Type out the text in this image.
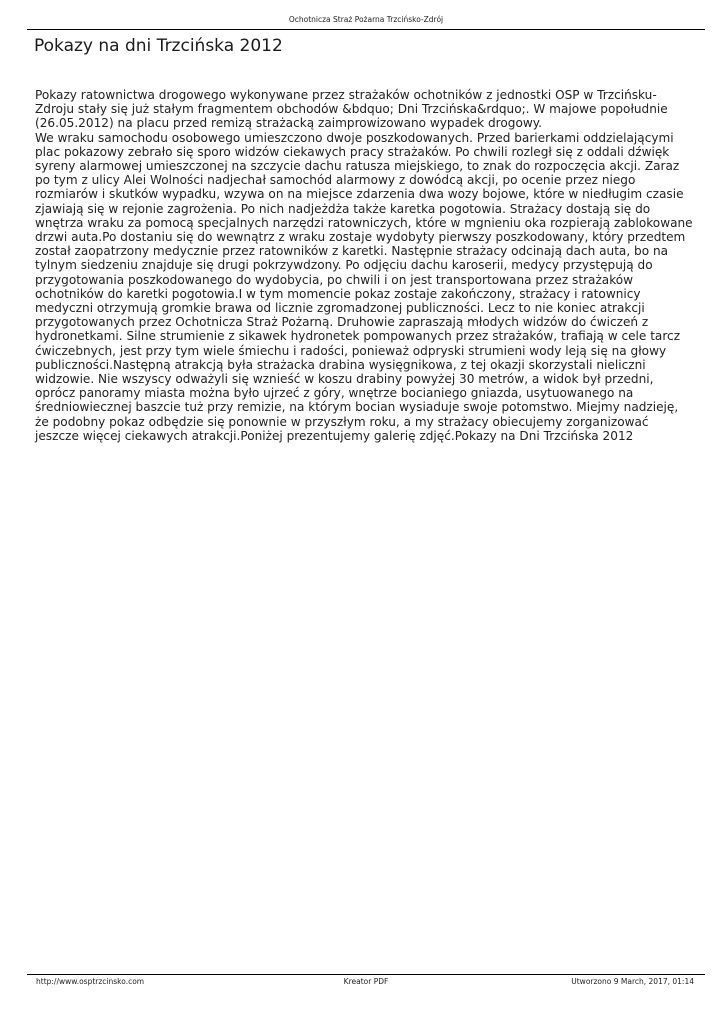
Ochotnicza Straż Pożarna Trzcińsko-Zdrój
Pokazy na dni Trzcińska 2012
Pokazy ratownictwa drogowego wykonywane przez strażaków ochotników z jednostki OSP w Trzcińsku-Zdroju stały się już stałym fragmentem obchodów &bdquo; Dni Trzcińska&rdquo;. W majowe popołudnie (26.05.2012) na placu przed remizą strażacką zaimprowizowano wypadek drogowy.
We wraku samochodu osobowego umieszczono dwoje poszkodowanych. Przed barierkami oddzielającymi plac pokazowy zebrało się sporo widzów ciekawych pracy strażaków. Po chwili rozległ się z oddali dźwięk syreny alarmowej umieszczonej na szczycie dachu ratusza miejskiego, to znak do rozpoczęcia akcji. Zaraz po tym z ulicy Alei Wolności nadjechał samochód alarmowy z dowódcą akcji, po ocenie przez niego rozmiarów i skutków wypadku, wzywa on na miejsce zdarzenia dwa wozy bojowe, które w niedługim czasie zjawiają się w rejonie zagrożenia. Po nich nadjeżdża także karetka pogotowia. Strażacy dostają się do wnętrza wraku za pomocą specjalnych narzędzi ratowniczych, które w mgnieniu oka rozpierają zablokowane drzwi auta.Po dostaniu się do wewnątrz z wraku zostaje wydobyty pierwszy poszkodowany, który przedtem został zaopatrzony medycznie przez ratowników z karetki. Następnie strażacy odcinają dach auta, bo na tylnym siedzeniu znajduje się drugi pokrzywdzony. Po odjęciu dachu karoserii, medycy przystępują do przygotowania poszkodowanego do wydobycia, po chwili i on jest transportowana przez strażaków ochotników do karetki pogotowia.I w tym momencie pokaz zostaje zakończony, strażacy i ratownicy medyczni otrzymują gromkie brawa od licznie zgromadzonej publiczności. Lecz to nie koniec atrakcji przygotowanych przez Ochotnicza Straż Pożarną. Druhowie zapraszają młodych widzów do ćwiczeń z hydronetkami. Silne strumienie z sikawek hydronetek pompowanych przez strażaków, trafiają w cele tarcz ćwiczebnych, jest przy tym wiele śmiechu i radości, ponieważ odpryski strumieni wody leją się na głowy publiczności.Następną atrakcją była strażacka drabina wysięgnikowa, z tej okazji skorzystali nieliczni widzowie. Nie wszyscy odważyli się wznieść w koszu drabiny powyżej 30 metrów, a widok był przedni, oprócz panoramy miasta można było ujrzeć z góry, wnętrze bocianiego gniazda, usytuowanego na średniowiecznej baszcie tuż przy remizie, na którym bocian wysiaduje swoje potomstwo. Miejmy nadzieję, że podobny pokaz odbędzie się ponownie w przyszłym roku, a my strażacy obiecujemy zorganizować jeszcze więcej ciekawych atrakcji.Poniżej prezentujemy galerię zdjęć.Pokazy na Dni Trzcińska 2012
http://www.osptrzcinsko.com	Kreator PDF	Utworzono 9 March, 2017, 01:14
